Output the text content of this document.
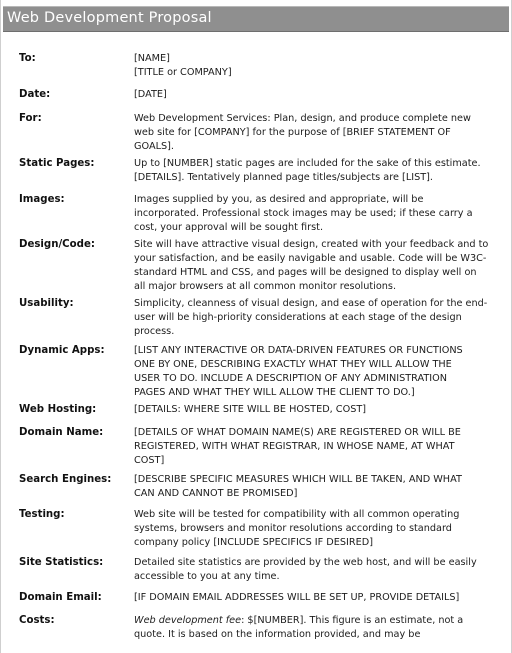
Web Development Proposal
To:	[NAME]
[TITLE or COMPANY]
Date:	[DATE]
For:	Web Development Services: Plan, design, and produce complete new
web site for [COMPANY] for the purpose of [BRIEF STATEMENT OF
GOALS].
Static Pages:	Up to [NUMBER] static pages are included for the sake of this estimate.
[DETAILS]. Tentatively planned page titles/subjects are [LIST].
Images:	Images supplied by you, as desired and appropriate, will be
incorporated. Professional stock images may be used; if these carry a
cost, your approval will be sought first.
Design/Code:	Site will have attractive visual design, created with your feedback and to
your satisfaction, and be easily navigable and usable. Code will be W3C-
standard HTML and CSS, and pages will be designed to display well on
all major browsers at all common monitor resolutions.
Usability:	Simplicity, cleanness of visual design, and ease of operation for the end-
user will be high-priority considerations at each stage of the design
process.
Dynamic Apps:	[LIST ANY INTERACTIVE OR DATA-DRIVEN FEATURES OR FUNCTIONS
ONE BY ONE, DESCRIBING EXACTLY WHAT THEY WILL ALLOW THE
USER TO DO. INCLUDE A DESCRIPTION OF ANY ADMINISTRATION
PAGES AND WHAT THEY WILL ALLOW THE CLIENT TO DO.]
Web Hosting:	[DETAILS: WHERE SITE WILL BE HOSTED, COST]
Domain Name:	[DETAILS OF WHAT DOMAIN NAME(S) ARE REGISTERED OR WILL BE
REGISTERED, WITH WHAT REGISTRAR, IN WHOSE NAME, AT WHAT
COST]
Search Engines: [DESCRIBE SPECIFIC MEASURES WHICH WILL BE TAKEN, AND WHAT
CAN AND CANNOT BE PROMISED]
Testing:	Web site will be tested for compatibility with all common operating
systems, browsers and monitor resolutions according to standard
company policy [INCLUDE SPECIFICS IF DESIRED]
Site Statistics:	Detailed site statistics are provided by the web host, and will be easily
accessible to you at any time.
Domain Email:	[IF DOMAIN EMAIL ADDRESSES WILL BE SET UP, PROVIDE DETAILS]
Costs:	Web development fee: $[NUMBER]. This figure is an estimate, not a
quote. It is based on the information provided, and may be
